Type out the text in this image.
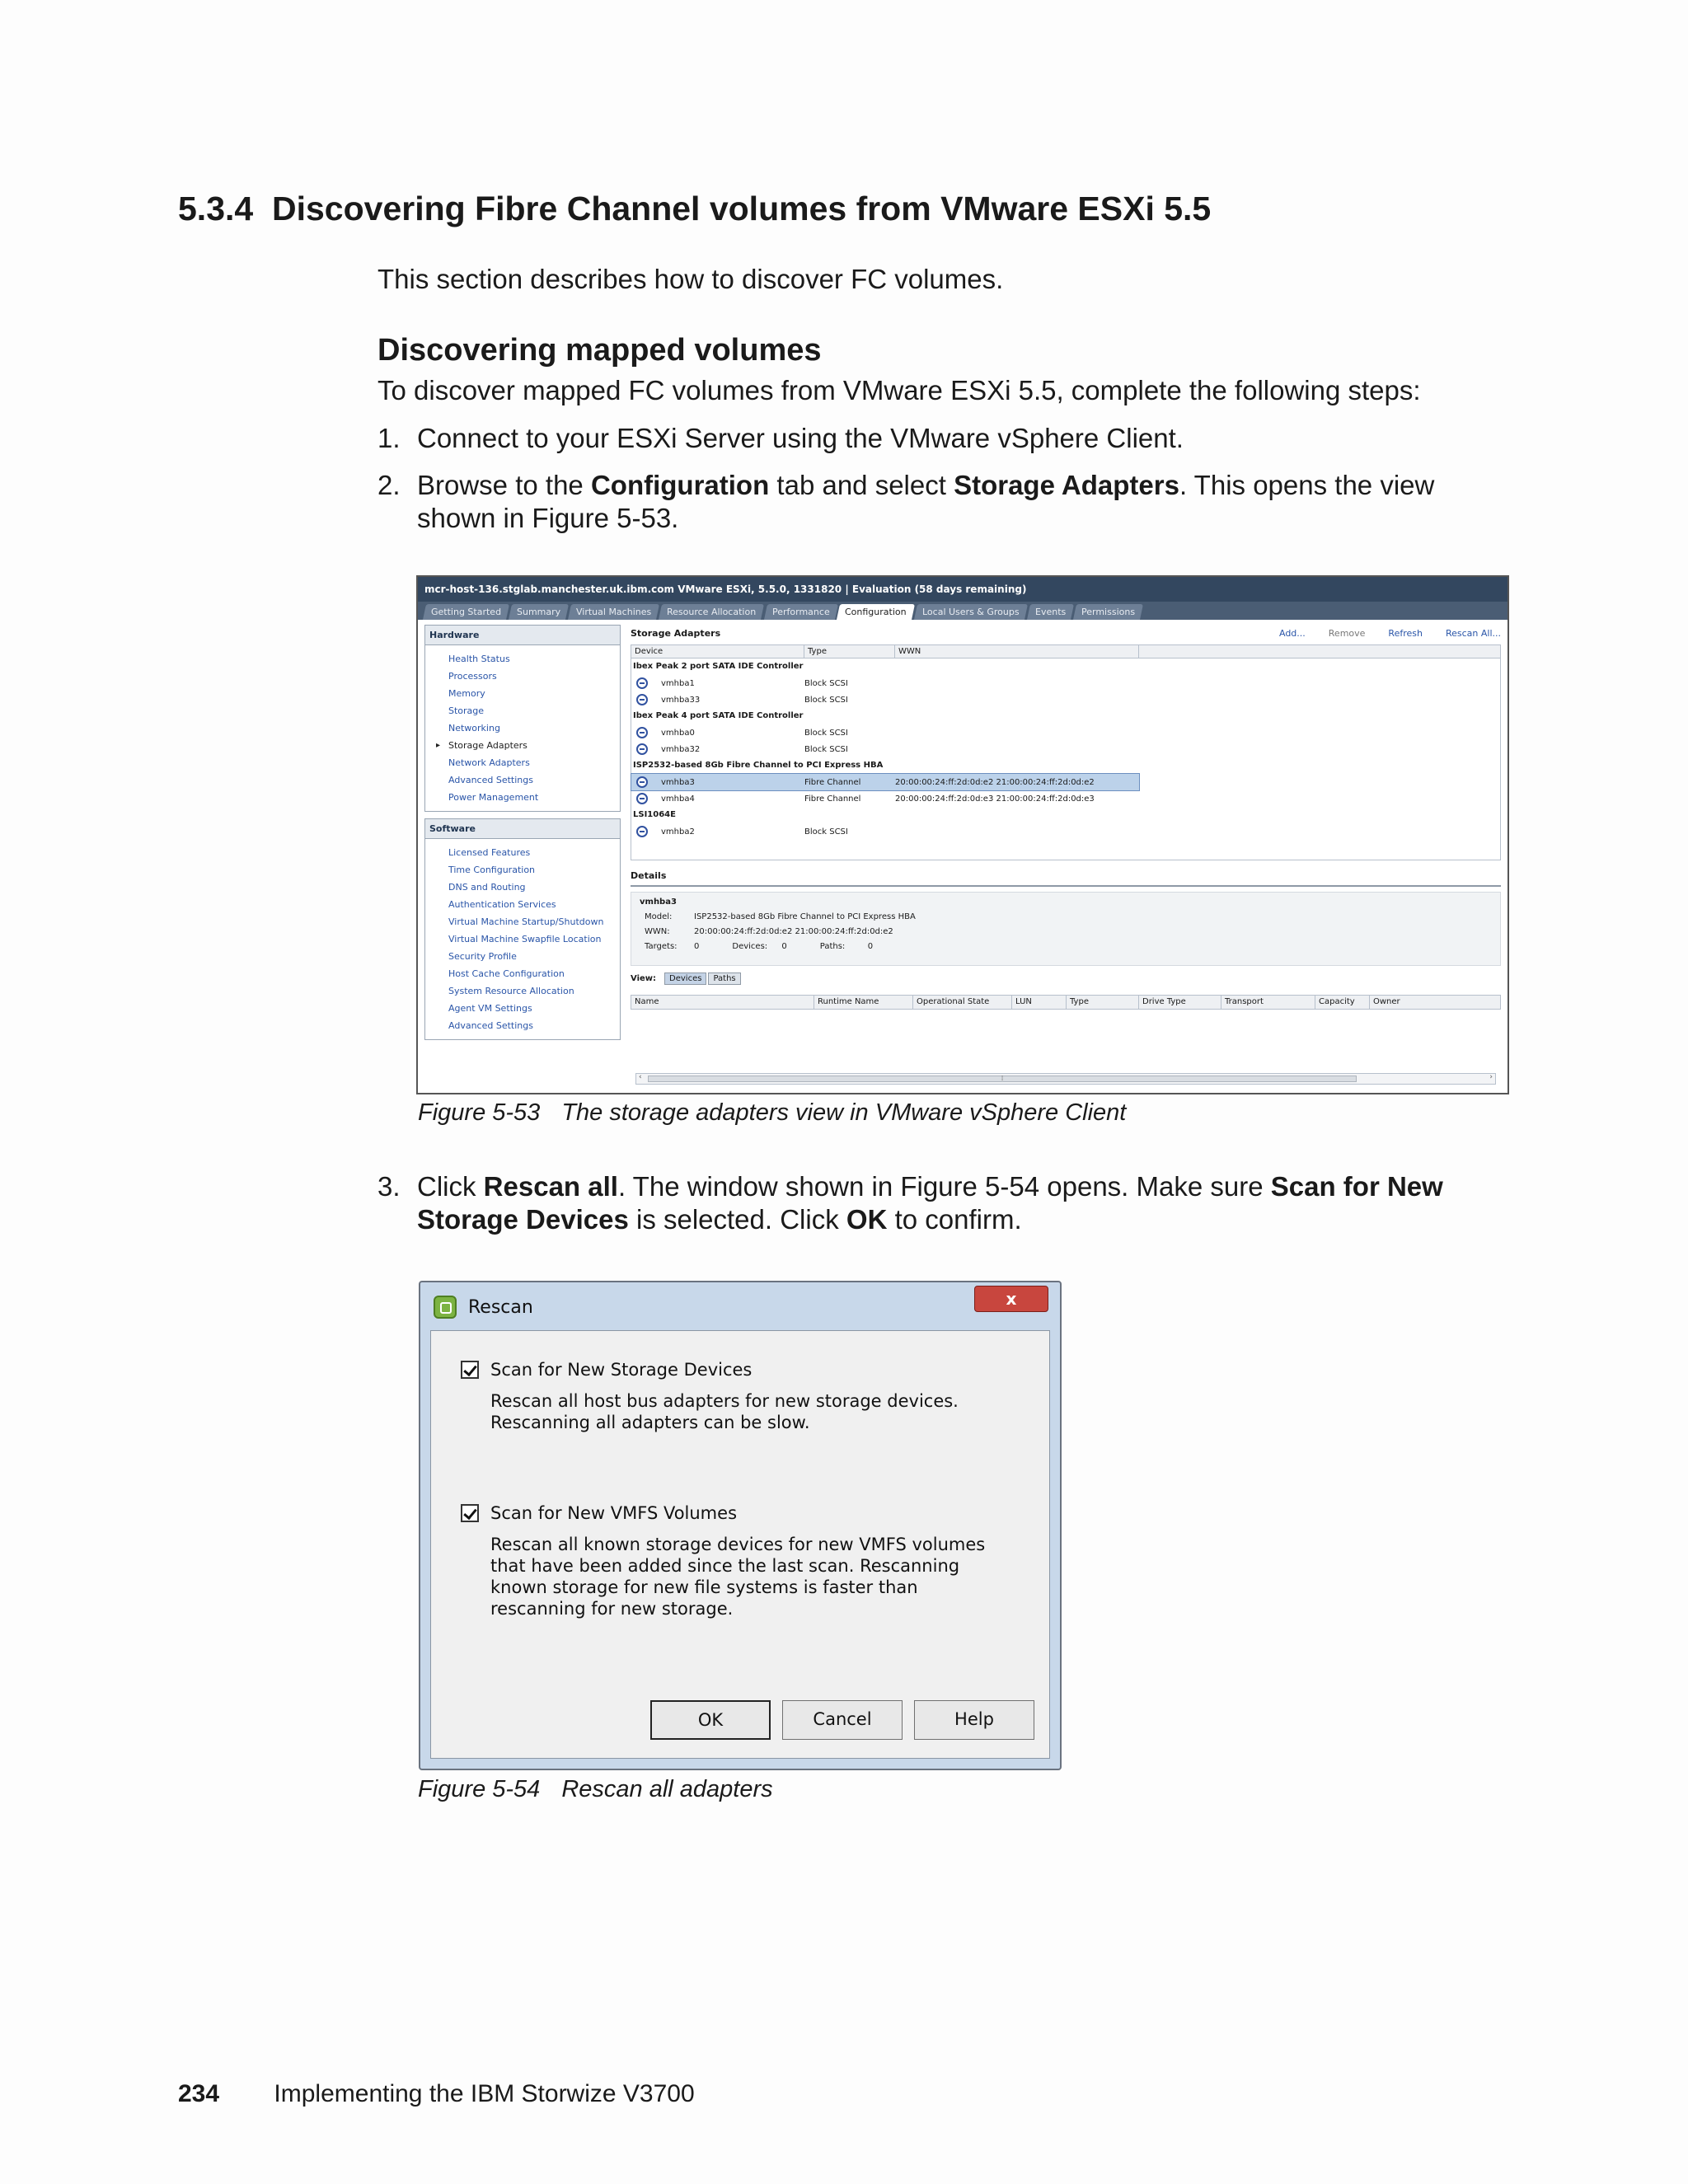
5.3.4 Discovering Fibre Channel volumes from VMware ESXi 5.5

This section describes how to discover FC volumes.

Discovering mapped volumes

To discover mapped FC volumes from VMware ESXi 5.5, complete the following steps:

1. Connect to your ESXi Server using the VMware vSphere Client.
2. Browse to the Configuration tab and select Storage Adapters. This opens the view shown in Figure 5-53.
mcr-host-136.stglab.manchester.uk.ibm.com VMware ESXi, 5.5.0, 1331820 | Evaluation (58 days remaining)
Getting Started	Summary	Virtual Machines	Resource Allocation	Performance	Configuration	Local Users & Groups	Events	Permissions
Hardware
Health Status
Processors
Memory
Storage
Networking
▸ Storage Adapters
Network Adapters
Advanced Settings
Power Management
Software
Licensed Features
Time Configuration
DNS and Routing
Authentication Services
Virtual Machine Startup/Shutdown
Virtual Machine Swapfile Location
Security Profile
Host Cache Configuration
System Resource Allocation
Agent VM Settings
Advanced Settings
Storage Adapters	Add...	Remove	Refresh	Rescan All...
Device	Type	WWN
Ibex Peak 2 port SATA IDE Controller
vmhba1	Block SCSI
vmhba33	Block SCSI
Ibex Peak 4 port SATA IDE Controller
vmhba0	Block SCSI
vmhba32	Block SCSI
ISP2532-based 8Gb Fibre Channel to PCI Express HBA
vmhba3	Fibre Channel	20:00:00:24:ff:2d:0d:e2 21:00:00:24:ff:2d:0d:e2
vmhba4	Fibre Channel	20:00:00:24:ff:2d:0d:e3 21:00:00:24:ff:2d:0d:e3
LSI1064E
vmhba2	Block SCSI
Details
vmhba3
Model:	ISP2532-based 8Gb Fibre Channel to PCI Express HBA
WWN:	20:00:00:24:ff:2d:0d:e2 21:00:00:24:ff:2d:0d:e2
Targets:	0	Devices:	0	Paths:	0
View:	Devices	Paths
Name	Runtime Name	Operational State	LUN	Type	Drive Type	Transport	Capacity	Owner
‹	⁞	›

Figure 5-53 The storage adapters view in VMware vSphere Client

3. Click Rescan all. The window shown in Figure 5-54 opens. Make sure Scan for New Storage Devices is selected. Click OK to confirm.
Rescan	x
Scan for New Storage Devices

Rescan all host bus adapters for new storage devices. Rescanning all adapters can be slow.

Scan for New VMFS Volumes

Rescan all known storage devices for new VMFS volumes that have been added since the last scan. Rescanning known storage for new file systems is faster than rescanning for new storage.

OK	Cancel	Help

Figure 5-54 Rescan all adapters

234 Implementing the IBM Storwize V3700
